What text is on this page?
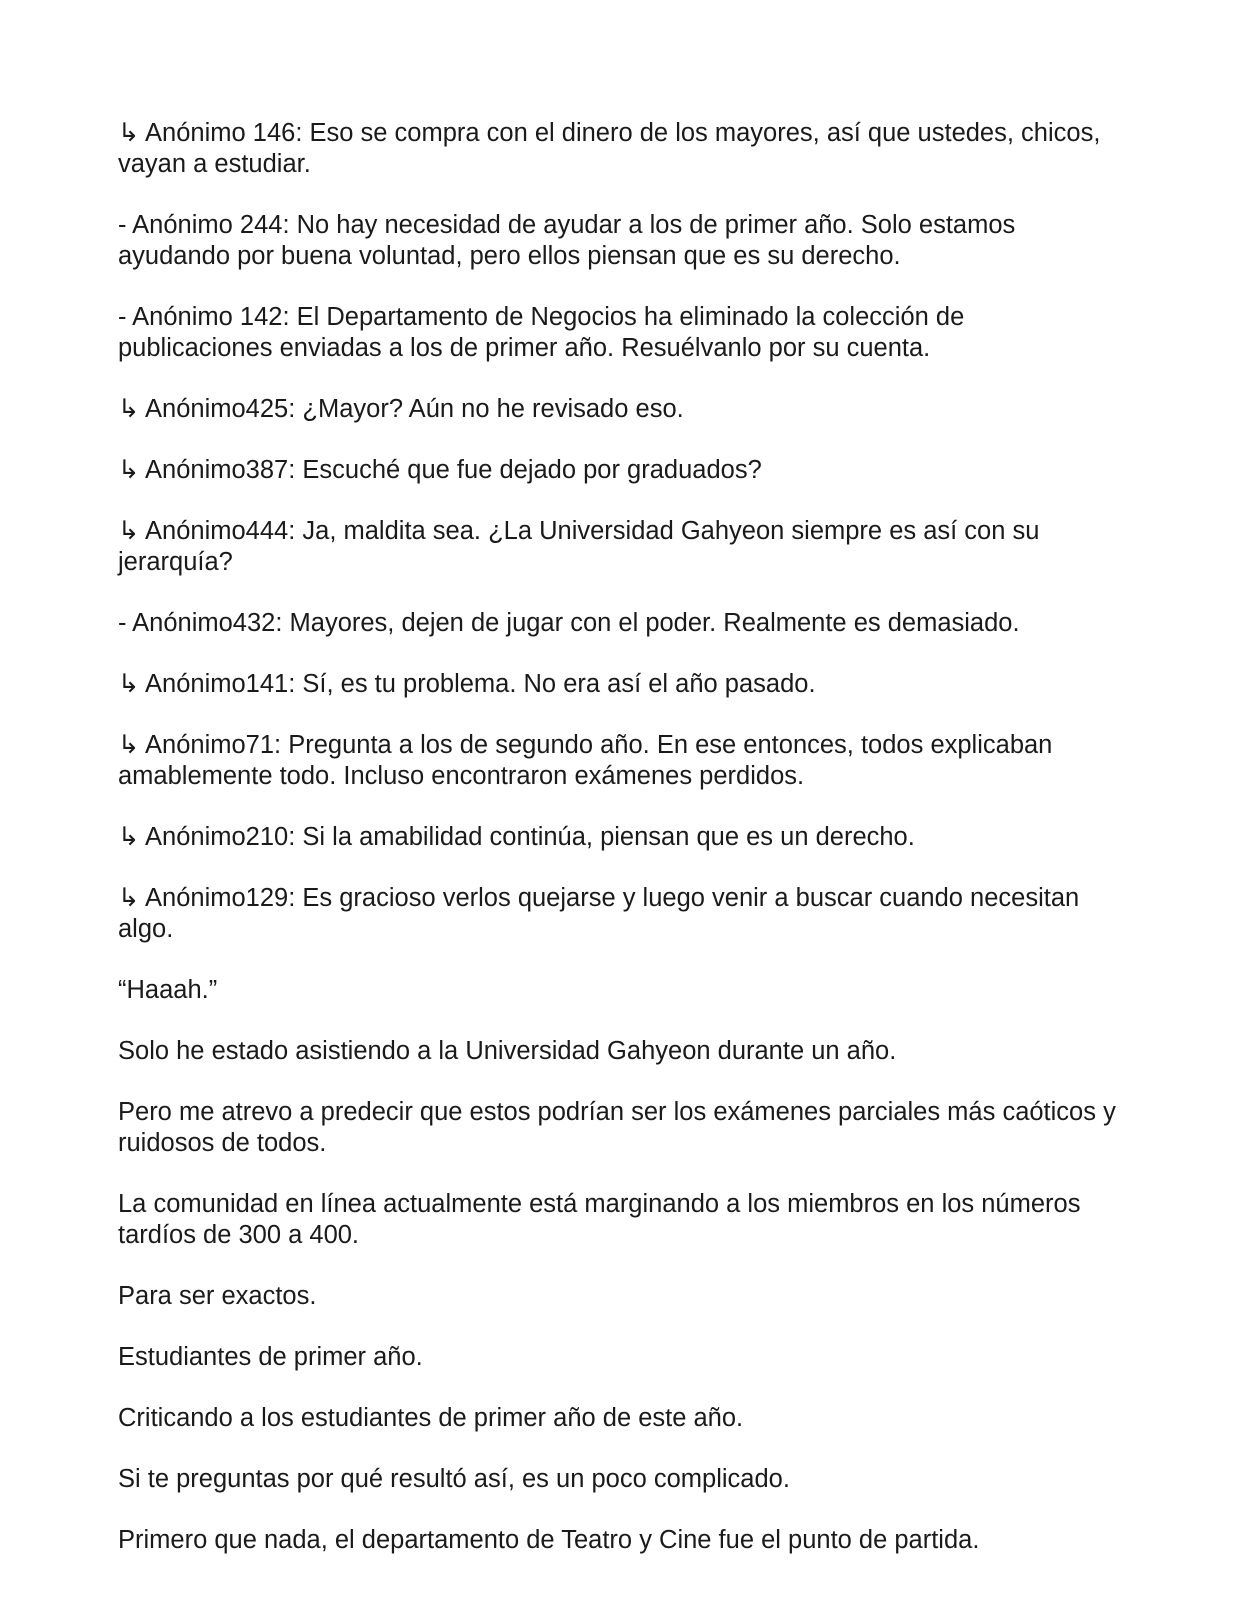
↳ Anónimo 146: Eso se compra con el dinero de los mayores, así que ustedes, chicos, vayan a estudiar.

- Anónimo 244: No hay necesidad de ayudar a los de primer año. Solo estamos ayudando por buena voluntad, pero ellos piensan que es su derecho.

- Anónimo 142: El Departamento de Negocios ha eliminado la colección de publicaciones enviadas a los de primer año. Resuélvanlo por su cuenta.

↳ Anónimo425: ¿Mayor? Aún no he revisado eso.

↳ Anónimo387: Escuché que fue dejado por graduados?

↳ Anónimo444: Ja, maldita sea. ¿La Universidad Gahyeon siempre es así con su jerarquía?

- Anónimo432: Mayores, dejen de jugar con el poder. Realmente es demasiado.

↳ Anónimo141: Sí, es tu problema. No era así el año pasado.

↳ Anónimo71: Pregunta a los de segundo año. En ese entonces, todos explicaban amablemente todo. Incluso encontraron exámenes perdidos.

↳ Anónimo210: Si la amabilidad continúa, piensan que es un derecho.

↳ Anónimo129: Es gracioso verlos quejarse y luego venir a buscar cuando necesitan algo.

“Haaah.”

Solo he estado asistiendo a la Universidad Gahyeon durante un año.

Pero me atrevo a predecir que estos podrían ser los exámenes parciales más caóticos y ruidosos de todos.

La comunidad en línea actualmente está marginando a los miembros en los números tardíos de 300 a 400.

Para ser exactos.

Estudiantes de primer año.

Criticando a los estudiantes de primer año de este año.

Si te preguntas por qué resultó así, es un poco complicado.

Primero que nada, el departamento de Teatro y Cine fue el punto de partida.
